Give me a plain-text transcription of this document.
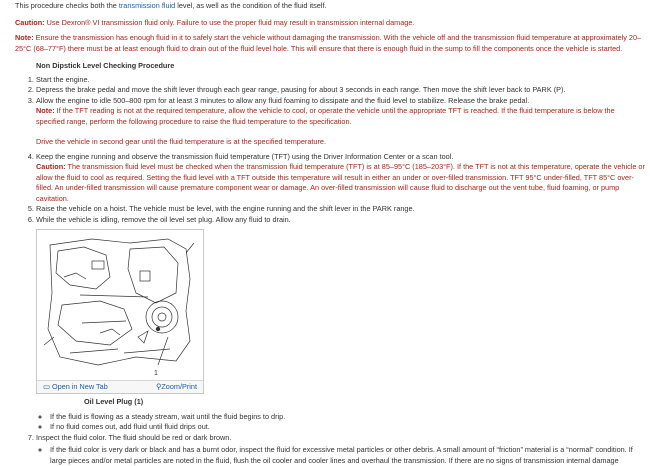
This procedure checks both the transmission fluid level, as well as the condition of the fluid itself.

Caution: Use Dexron® VI transmission fluid only. Failure to use the proper fluid may result in transmission internal damage.

Note: Ensure the transmission has enough fluid in it to safely start the vehicle without damaging the transmission. With the vehicle off and the transmission fluid temperature at approximately 20–25°C (68–77°F) there must be at least enough fluid to drain out of the fluid level hole. This will ensure that there is enough fluid in the sump to fill the components once the vehicle is started.

Non Dipstick Level Checking Procedure

1. Start the engine.
2. Depress the brake pedal and move the shift lever through each gear range, pausing for about 3 seconds in each range. Then move the shift lever back to PARK (P).
3. Allow the engine to idle 500–800 rpm for at least 3 minutes to allow any fluid foaming to dissipate and the fluid level to stabilize. Release the brake pedal.

Note: If the TFT reading is not at the required temperature, allow the vehicle to cool, or operate the vehicle until the appropriate TFT is reached. If the fluid temperature is below the specified range, perform the following procedure to raise the fluid temperature to the specification.

Drive the vehicle in second gear until the fluid temperature is at the specified temperature.

4. Keep the engine running and observe the transmission fluid temperature (TFT) using the Driver Information Center or a scan tool.

Caution: The transmission fluid level must be checked when the transmission fluid temperature (TFT) is at 85–95°C (185–203°F). If the TFT is not at this temperature, operate the vehicle or allow the fluid to cool as required. Setting the fluid level with a TFT outside this temperature will result in either an under or over-filled transmission. TFT 95°C under-filled, TFT 85°C over-filled. An under-filled transmission will cause premature component wear or damage. An over-filled transmission will cause fluid to discharge out the vent tube, fluid foaming, or pump cavitation.

5. Raise the vehicle on a hoist. The vehicle must be level, with the engine running and the shift lever in the PARK range.
6. While the vehicle is idling, remove the oil level set plug. Allow any fluid to drain.
1
▭ Open in New Tab	⚲Zoom/Print

Oil Level Plug (1)

◦ If the fluid is flowing as a steady stream, wait until the fluid begins to drip.
◦ If no fluid comes out, add fluid until fluid drips out.
7. Inspect the fluid color. The fluid should be red or dark brown.
◦ If the fluid color is very dark or black and has a burnt odor, inspect the fluid for excessive metal particles or other debris. A small amount of “friction” material is a “normal” condition. If large pieces and/or metal particles are noted in the fluid, flush the oil cooler and cooler lines and overhaul the transmission. If there are no signs of transmission internal damage
